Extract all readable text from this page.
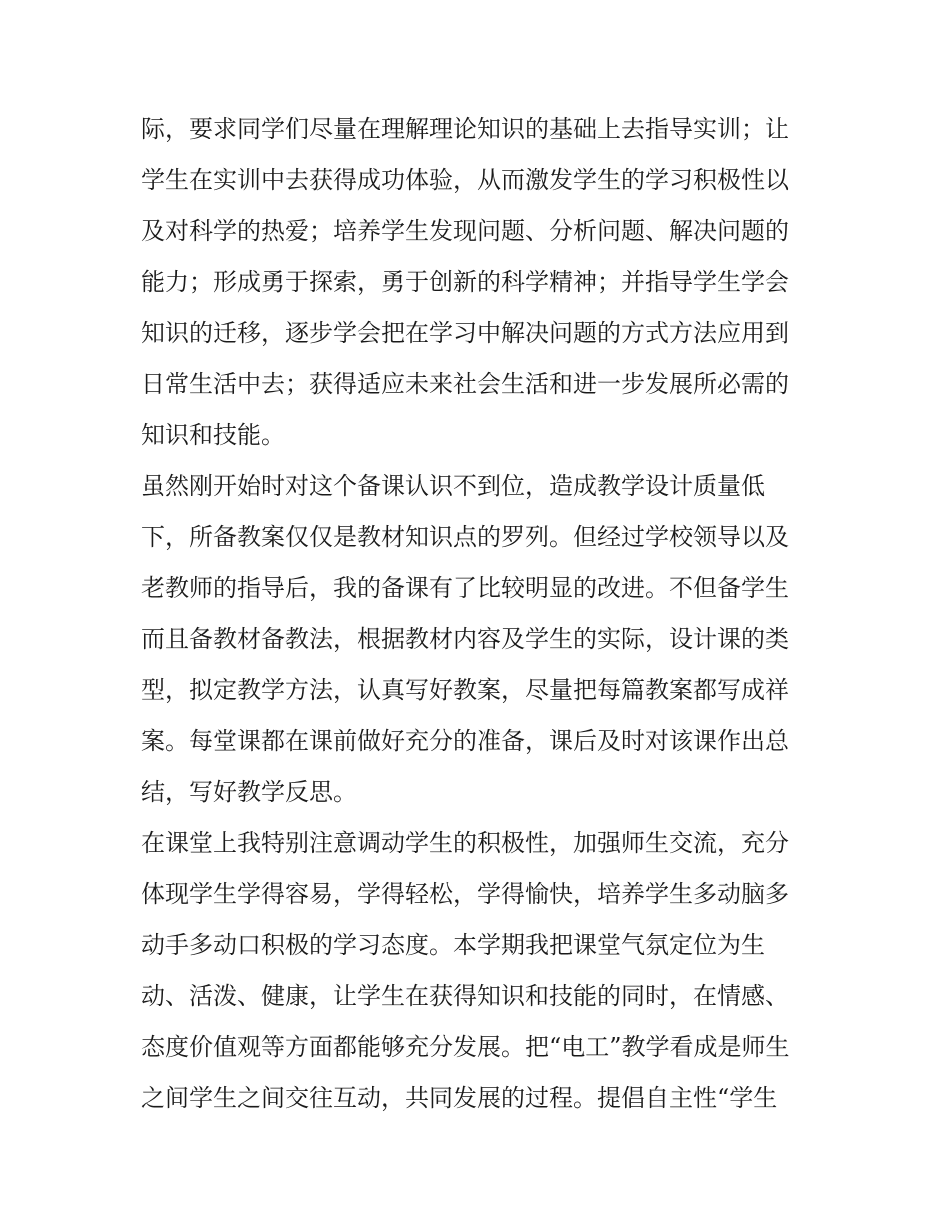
际，要求同学们尽量在理解理论知识的基础上去指导实训；让
学生在实训中去获得成功体验，从而激发学生的学习积极性以
及对科学的热爱；培养学生发现问题、分析问题、解决问题的
能力；形成勇于探索，勇于创新的科学精神；并指导学生学会
知识的迁移，逐步学会把在学习中解决问题的方式方法应用到
日常生活中去；获得适应未来社会生活和进一步发展所必需的
知识和技能。
虽然刚开始时对这个备课认识不到位，造成教学设计质量低
下，所备教案仅仅是教材知识点的罗列。但经过学校领导以及
老教师的指导后，我的备课有了比较明显的改进。不但备学生
而且备教材备教法，根据教材内容及学生的实际，设计课的类
型，拟定教学方法，认真写好教案，尽量把每篇教案都写成祥
案。每堂课都在课前做好充分的准备，课后及时对该课作出总
结，写好教学反思。
在课堂上我特别注意调动学生的积极性，加强师生交流，充分
体现学生学得容易，学得轻松，学得愉快，培养学生多动脑多
动手多动口积极的学习态度。本学期我把课堂气氛定位为生
动、活泼、健康，让学生在获得知识和技能的同时，在情感、
态度价值观等方面都能够充分发展。把“电工”教学看成是师生
之间学生之间交往互动，共同发展的过程。提倡自主性“学生
